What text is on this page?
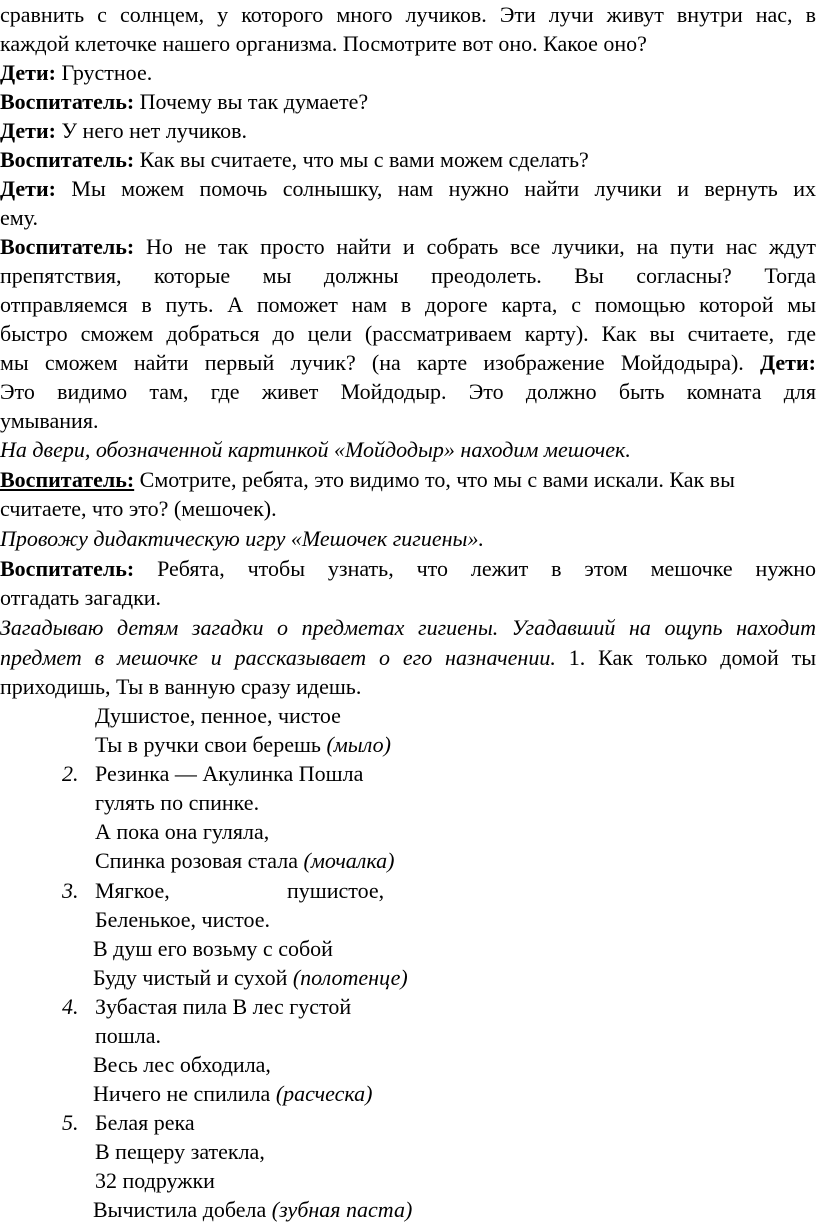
сравнить с солнцем, у которого много лучиков. Эти лучи живут внутри нас, в
каждой клеточке нашего организма. Посмотрите вот оно. Какое оно?
Дети: Грустное.
Воспитатель: Почему вы так думаете?
Дети: У него нет лучиков.
Воспитатель: Как вы считаете, что мы с вами можем сделать?
Дети: Мы можем помочь солнышку, нам нужно найти лучики и вернуть их
ему.
Воспитатель: Но не так просто найти и собрать все лучики, на пути нас ждут
препятствия, которые мы должны преодолеть. Вы согласны? Тогда
отправляемся в путь. А поможет нам в дороге карта, с помощью которой мы
быстро сможем добраться до цели (рассматриваем карту). Как вы считаете, где
мы сможем найти первый лучик? (на карте изображение Мойдодыра). Дети:
Это видимо там, где живет Мойдодыр. Это должно быть комната для
умывания.
На двери, обозначенной картинкой «Мойдодыр» находим мешочек.
Воспитатель: Смотрите, ребята, это видимо то, что мы с вами искали. Как вы
считаете, что это? (мешочек).
Провожу дидактическую игру «Мешочек гигиены».
Воспитатель: Ребята, чтобы узнать, что лежит в этом мешочке нужно
отгадать загадки.
Загадываю детям загадки о предметах гигиены. Угадавший на ощупь находит
предмет в мешочке и рассказывает о его назначении. 1. Как только домой ты
приходишь, Ты в ванную сразу идешь.
Душистое, пенное, чистое
Ты в ручки свои берешь (мыло)
2. Резинка — Акулинка Пошла
гулять по спинке.
А пока она гуляла,
Спинка розовая стала (мочалка)
3. Мягкое,	пушистое,
Беленькое, чистое.
В душ его возьму с собой
Буду чистый и сухой (полотенце)
4. Зубастая пила В лес густой
пошла.
Весь лес обходила,
Ничего не спилила (расческа)
5. Белая река
В пещеру затекла,
32 подружки
Вычистила добела (зубная паста)
